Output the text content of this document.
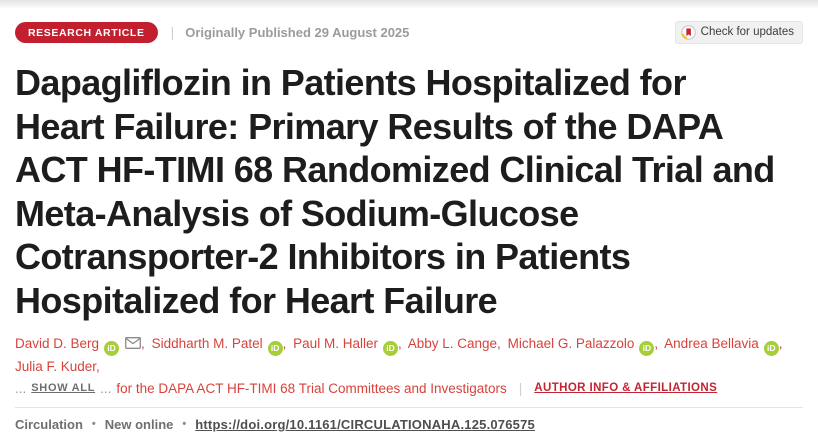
RESEARCH ARTICLE	| Originally Published 29 August 2025	Check for updates
Dapagliflozin in Patients Hospitalized for Heart Failure: Primary Results of the DAPA ACT HF-TIMI 68 Randomized Clinical Trial and Meta-Analysis of Sodium-Glucose Cotransporter-2 Inhibitors in Patients Hospitalized for Heart Failure
David D. Berg iD , Siddharth M. Patel iD , Paul M. Haller iD , Abby L. Cange, Michael G. Palazzolo iD , Andrea Bellavia iD , Julia F. Kuder,
... SHOW ALL ... for the DAPA ACT HF-TIMI 68 Trial Committees and Investigators | AUTHOR INFO & AFFILIATIONS
Circulation • New online • https://doi.org/10.1161/CIRCULATIONAHA.125.076575
